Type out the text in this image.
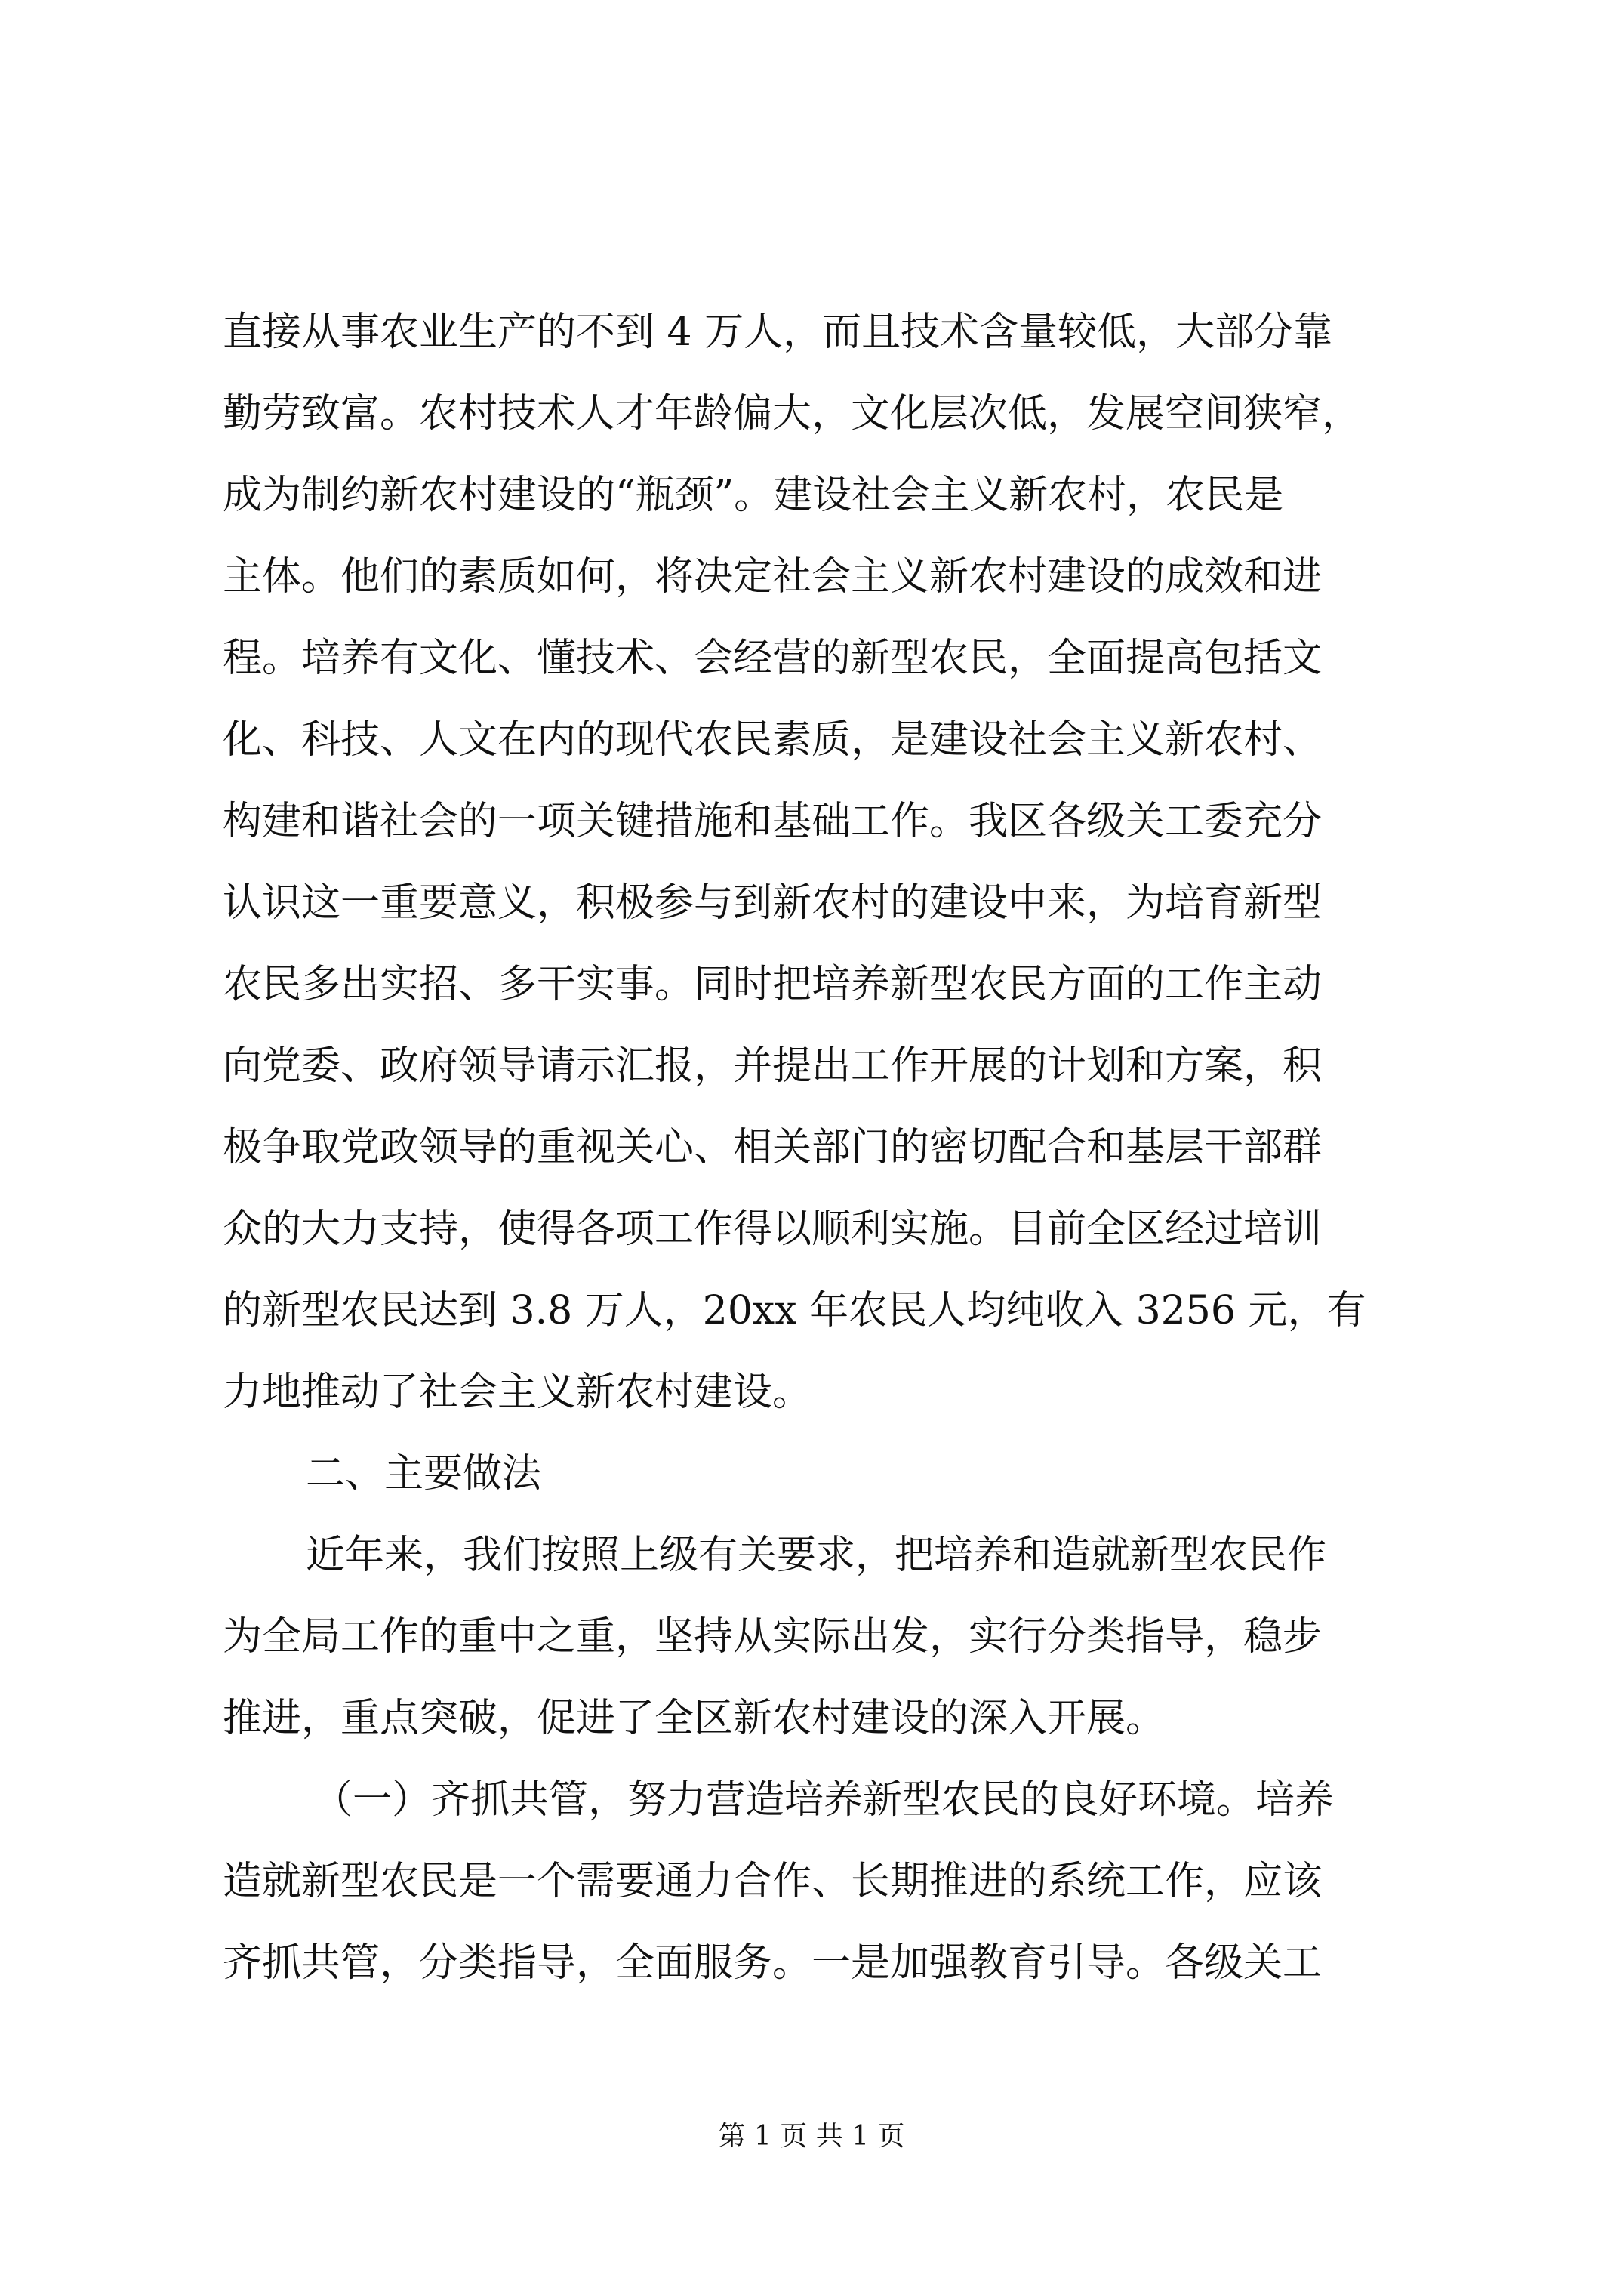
直接从事农业生产的不到 4 万人，而且技术含量较低，大部分靠
勤劳致富。农村技术人才年龄偏大，文化层次低，发展空间狭窄，
成为制约新农村建设的“瓶颈”。建设社会主义新农村，农民是
主体。他们的素质如何，将决定社会主义新农村建设的成效和进
程。培养有文化、懂技术、会经营的新型农民，全面提高包括文
化、科技、人文在内的现代农民素质，是建设社会主义新农村、
构建和谐社会的一项关键措施和基础工作。我区各级关工委充分
认识这一重要意义，积极参与到新农村的建设中来，为培育新型
农民多出实招、多干实事。同时把培养新型农民方面的工作主动
向党委、政府领导请示汇报，并提出工作开展的计划和方案，积
极争取党政领导的重视关心、相关部门的密切配合和基层干部群
众的大力支持，使得各项工作得以顺利实施。目前全区经过培训
的新型农民达到 3.8 万人，20xx 年农民人均纯收入 3256 元，有
力地推动了社会主义新农村建设。
二、主要做法
近年来，我们按照上级有关要求，把培养和造就新型农民作
为全局工作的重中之重，坚持从实际出发，实行分类指导，稳步
推进，重点突破，促进了全区新农村建设的深入开展。
（一）齐抓共管，努力营造培养新型农民的良好环境。培养
造就新型农民是一个需要通力合作、长期推进的系统工作，应该
齐抓共管，分类指导，全面服务。一是加强教育引导。各级关工
第 1 页 共 1 页
